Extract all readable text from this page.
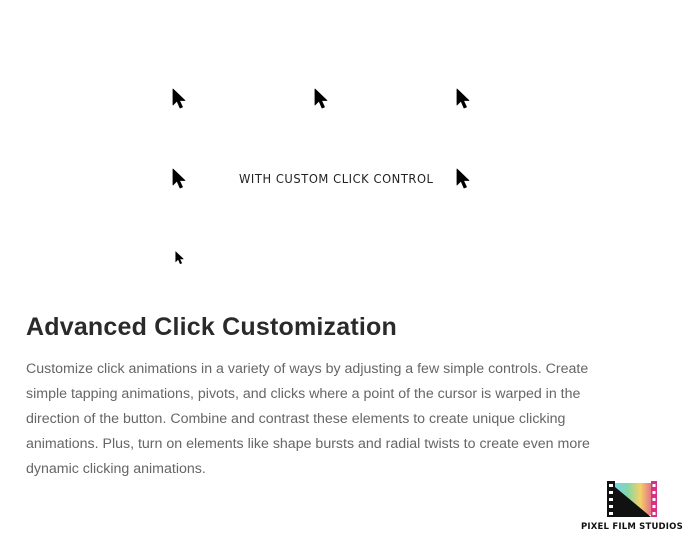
WITH CUSTOM CLICK CONTROL
Advanced Click Customization

Customize click animations in a variety of ways by adjusting a few simple controls. Create simple tapping animations, pivots, and clicks where a point of the cursor is warped in the direction of the button. Combine and contrast these elements to create unique clicking animations. Plus, turn on elements like shape bursts and radial twists to create even more dynamic clicking animations.

PIXEL FILM STUDIOS
